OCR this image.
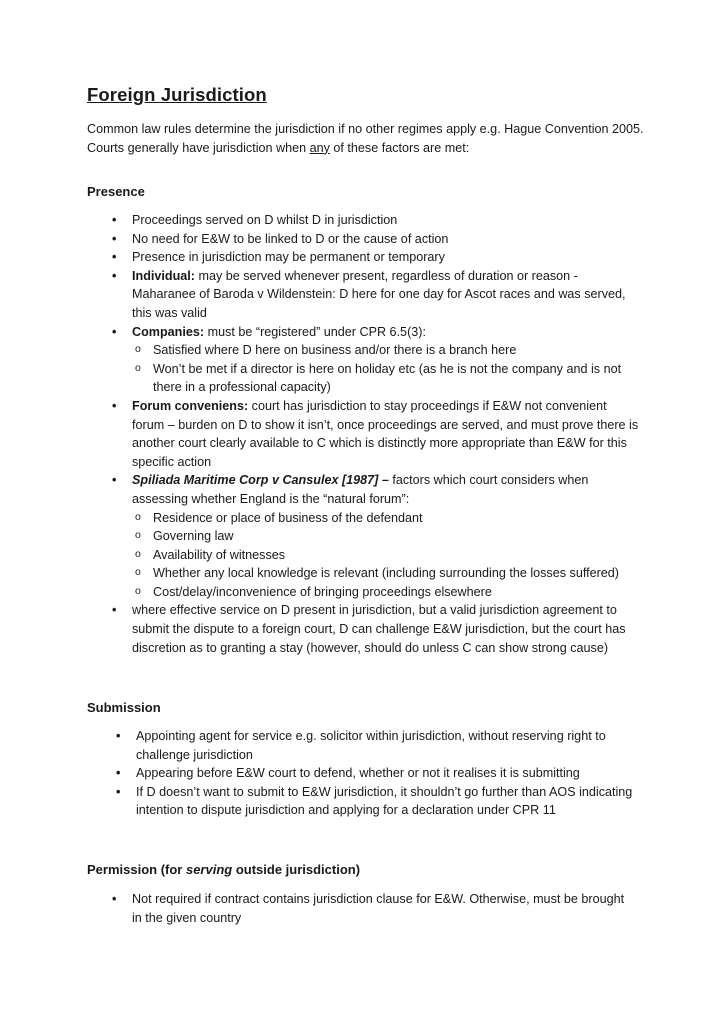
Foreign Jurisdiction

Common law rules determine the jurisdiction if no other regimes apply e.g. Hague Convention 2005. Courts generally have jurisdiction when any of these factors are met:

Presence
• Proceedings served on D whilst D in jurisdiction
• No need for E&W to be linked to D or the cause of action
• Presence in jurisdiction may be permanent or temporary
• Individual: may be served whenever present, regardless of duration or reason - Maharanee of Baroda v Wildenstein: D here for one day for Ascot races and was served, this was valid
• Companies: must be “registered” under CPR 6.5(3):
o Satisfied where D here on business and/or there is a branch here
o Won’t be met if a director is here on holiday etc (as he is not the company and is not there in a professional capacity)
• Forum conveniens: court has jurisdiction to stay proceedings if E&W not convenient forum – burden on D to show it isn’t, once proceedings are served, and must prove there is another court clearly available to C which is distinctly more appropriate than E&W for this specific action
• Spiliada Maritime Corp v Cansulex [1987] – factors which court considers when assessing whether England is the “natural forum”:
o Residence or place of business of the defendant
o Governing law
o Availability of witnesses
o Whether any local knowledge is relevant (including surrounding the losses suffered)
o Cost/delay/inconvenience of bringing proceedings elsewhere
• where effective service on D present in jurisdiction, but a valid jurisdiction agreement to submit the dispute to a foreign court, D can challenge E&W jurisdiction, but the court has discretion as to granting a stay (however, should do unless C can show strong cause)
Submission
• Appointing agent for service e.g. solicitor within jurisdiction, without reserving right to challenge jurisdiction
• Appearing before E&W court to defend, whether or not it realises it is submitting
• If D doesn’t want to submit to E&W jurisdiction, it shouldn’t go further than AOS indicating intention to dispute jurisdiction and applying for a declaration under CPR 11
Permission (for serving outside jurisdiction)
• Not required if contract contains jurisdiction clause for E&W. Otherwise, must be brought in the given country
